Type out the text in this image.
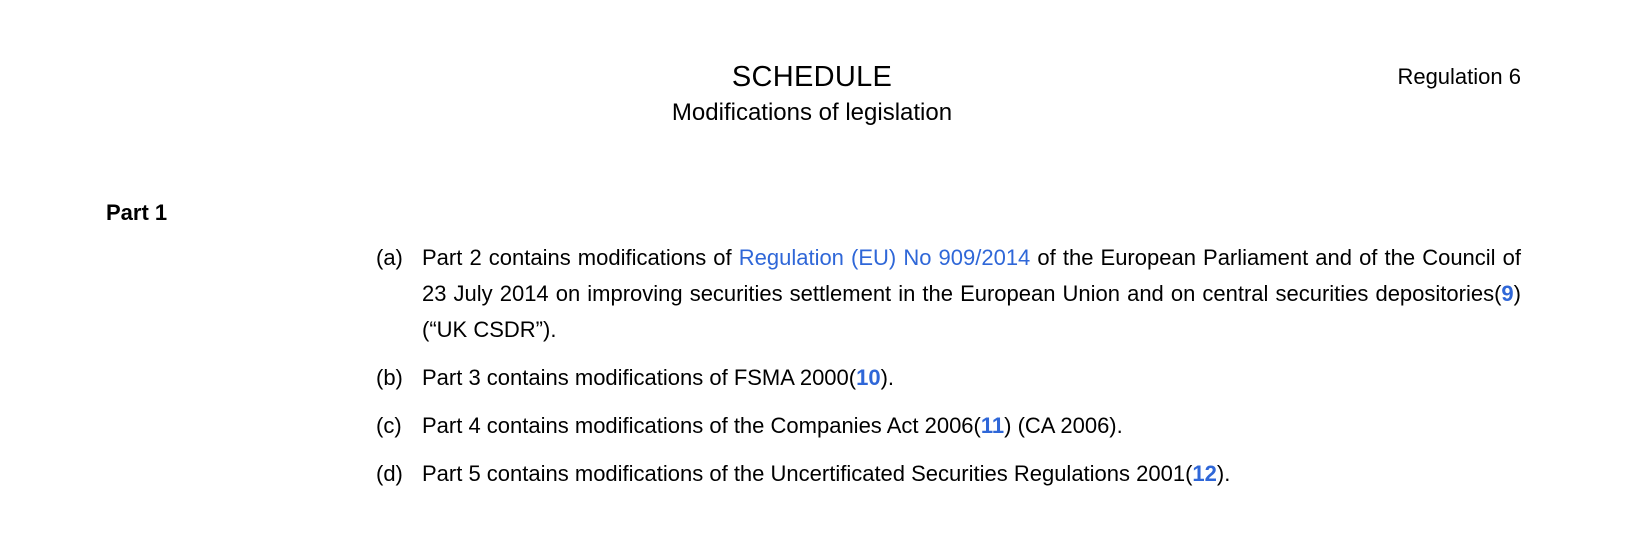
SCHEDULE
Modifications of legislation
Regulation 6
Part 1
(a) Part 2 contains modifications of Regulation (EU) No 909/2014 of the European Parliament and of the Council of 23 July 2014 on improving securities settlement in the European Union and on central securities depositories(9) (“UK CSDR”).
(b) Part 3 contains modifications of FSMA 2000(10).
(c) Part 4 contains modifications of the Companies Act 2006(11) (CA 2006).
(d) Part 5 contains modifications of the Uncertificated Securities Regulations 2001(12).
